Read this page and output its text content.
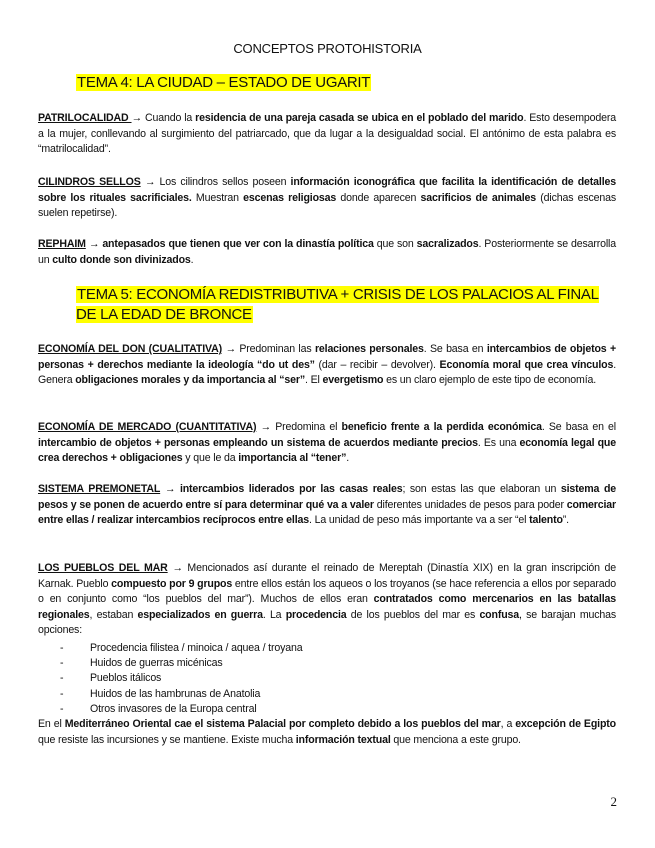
CONCEPTOS PROTOHISTORIA
TEMA 4: LA CIUDAD – ESTADO DE UGARIT

PATRILOCALIDAD → Cuando la residencia de una pareja casada se ubica en el poblado del marido. Esto desempodera a la mujer, conllevando al surgimiento del patriarcado, que da lugar a la desigualdad social. El antónimo de esta palabra es “matrilocalidad”.

CILINDROS SELLOS → Los cilindros sellos poseen información iconográfica que facilita la identificación de detalles sobre los rituales sacrificiales. Muestran escenas religiosas donde aparecen sacrificios de animales (dichas escenas suelen repetirse).

REPHAIM → antepasados que tienen que ver con la dinastía política que son sacralizados. Posteriormente se desarrolla un culto donde son divinizados.

TEMA 5: ECONOMÍA REDISTRIBUTIVA + CRISIS DE LOS PALACIOS AL FINAL DE LA EDAD DE BRONCE

ECONOMÍA DEL DON (CUALITATIVA) → Predominan las relaciones personales. Se basa en intercambios de objetos + personas + derechos mediante la ideología “do ut des” (dar – recibir – devolver). Economía moral que crea vínculos. Genera obligaciones morales y da importancia al “ser”. El evergetismo es un claro ejemplo de este tipo de economía.

ECONOMÍA DE MERCADO (CUANTITATIVA) → Predomina el beneficio frente a la perdida económica. Se basa en el intercambio de objetos + personas empleando un sistema de acuerdos mediante precios. Es una economía legal que crea derechos + obligaciones y que le da importancia al “tener”.

SISTEMA PREMONETAL → intercambios liderados por las casas reales; son estas las que elaboran un sistema de pesos y se ponen de acuerdo entre sí para determinar qué va a valer diferentes unidades de pesos para poder comerciar entre ellas / realizar intercambios recíprocos entre ellas. La unidad de peso más importante va a ser “el talento”.

LOS PUEBLOS DEL MAR → Mencionados así durante el reinado de Mereptah (Dinastía XIX) en la gran inscripción de Karnak. Pueblo compuesto por 9 grupos entre ellos están los aqueos o los troyanos (se hace referencia a ellos por separado o en conjunto como “los pueblos del mar”). Muchos de ellos eran contratados como mercenarios en las batallas regionales, estaban especializados en guerra. La procedencia de los pueblos del mar es confusa, se barajan muchas opciones:

- Procedencia filistea / minoica / aquea / troyana
- Huidos de guerras micénicas
- Pueblos itálicos
- Huidos de las hambrunas de Anatolia
- Otros invasores de la Europa central

En el Mediterráneo Oriental cae el sistema Palacial por completo debido a los pueblos del mar, a excepción de Egipto que resiste las incursiones y se mantiene. Existe mucha información textual que menciona a este grupo.

2
